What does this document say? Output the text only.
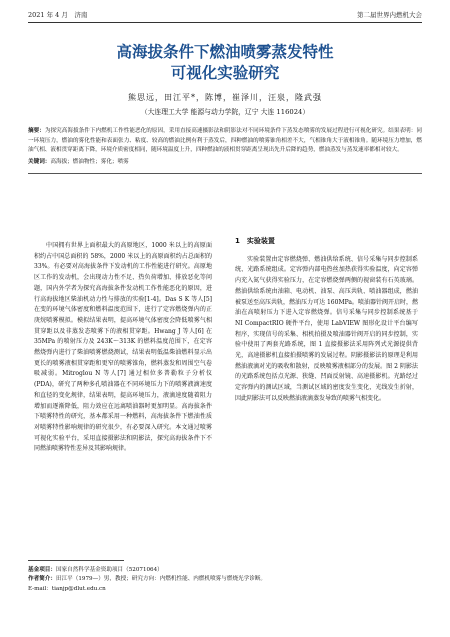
2021 年 4 月　济南	第二届世界内燃机大会
高海拔条件下燃油喷雾蒸发特性
可视化实验研究
熊思远，田江平*，陈博，崔泽川，汪泉，隆武强
（大连理工大学 能源与动力学院，辽宁 大连 116024）
摘要：为探究高海拔条件下内燃机工作性能恶化的原因，采用直接高速摄影法和阴影法对不同环境条件下蒸发态喷雾的发展过程进行可视化研究。结果表明：同一环境压力，燃油的雾化性能和表面张力、粘度、较高的燃油比例有利于蒸发后，四种燃油的喷雾锥角相差不大，气相锥角大于液相锥角。随环境压力增加，燃油气相、液相贯穿距离下降，环境介质密度相同，随环境温度上升，四种燃油的液相贯穿距离呈现出先升后降的趋势，燃油蒸发与蒸发速率都相对较大。
关键词：高海拔；燃油物性；雾化；喷雾

中国拥有世界上面积最大的高原地区，1000 米以上的高原面积约占中国总面积的 58%，2000 米以上的高原面积约占总面积的 33%。有必要对高海拔条件下发动机的工作性能进行研究。高原地区工作的发动机，会出现动力性不足、热负荷增加、排放恶化等问题，国内外学者为探究高海拔条件发动机工作性能恶化的原因，进行高海拔地区柴油机动力性与排放的实验[1-4]。Das S K 等人[5] 在变的环境气体密度和燃料温度范围下，进行了定容燃烧弹内的正庚烷喷雾模拟。模拟结果表明，提高环境气体密度会降低喷雾气相贯穿距以及非蒸发态喷雾下的液相贯穿距。Hwang J 等人[6] 在 35MPa 的喷射压力及 243K～313K 的燃料温度范围下，在定容燃烧弹内进行了柴油喷雾燃烧测试，结果表明低温柴油燃料显示出更长的喷雾液相贯穿距和更窄的喷雾锥角，燃料蒸发和周围空气卷吸减弱。Mitroglou N 等人[7] 通过相位多普勒粒子分析仪(PDA)，研究了两种多孔喷油器在不同环境压力下的喷雾液滴速度和直径的变化规律，结果表明，提高环境压力，液滴速度随着阻力增加而逐渐降低，阻力效应在远离喷油器时更加明显。高海拔条件下喷雾特性的研究，基本都采用一种燃料，高海拔条件下燃油性质对喷雾特性影响规律的研究很少，有必要深入研究。本文通过喷雾可视化实验平台，采用直接摄影法和阴影法，探究高海拔条件下不同燃油喷雾特性差异及其影响规律。

1　实验装置

实验装置由定容燃烧弹、燃油供给系统、信号采集与同步控制系统、光路系统组成。定容弹内部电热丝加热获得实验温度，向定容弹内充入氮气获得实验压力，在定容燃烧弹两侧的视窗装有石英玻璃。燃油供给系统由油箱、电动机、油泵、高压共轨、喷油器组成，燃油被泵送至高压共轨，燃油压力可达 160MPa。喷油器针阀开启时，燃油在高喷射压力下进入定容燃烧弹。信号采集与同步控制系统基于 NI CompactRIO 硬件平台，使用 LabVIEW 图形化设计平台编写程序，实现信号的采集、相机拍摄及喷油器针阀开启的同步控制，实验中使用了两套光路系统，图 1 直接摄影法采用阵列式光源提供背光，高速摄影机直接拍摄喷雾的发展过程。阴影摄影法的原理是利用燃油液滴对光的吸收和散射，反映喷雾液相部分的发展。图 2 阴影法的光路系统包括点光源、狭缝、凹面反射镜、高速摄影机。光路经过定容弹内的测试区域，当测试区域的密度发生变化，光线发生折射，因此阴影法可以反映燃油液滴蒸发导致的喷雾气相变化。

基金项目：国家自然科学基金资助项目（52071064）
作者简介：田江平（1979—）男，教授；研究方向：内燃机性能、内燃机喷雾与燃烧光学诊断。
E-mail：tianjp@dlut.edu.cn
